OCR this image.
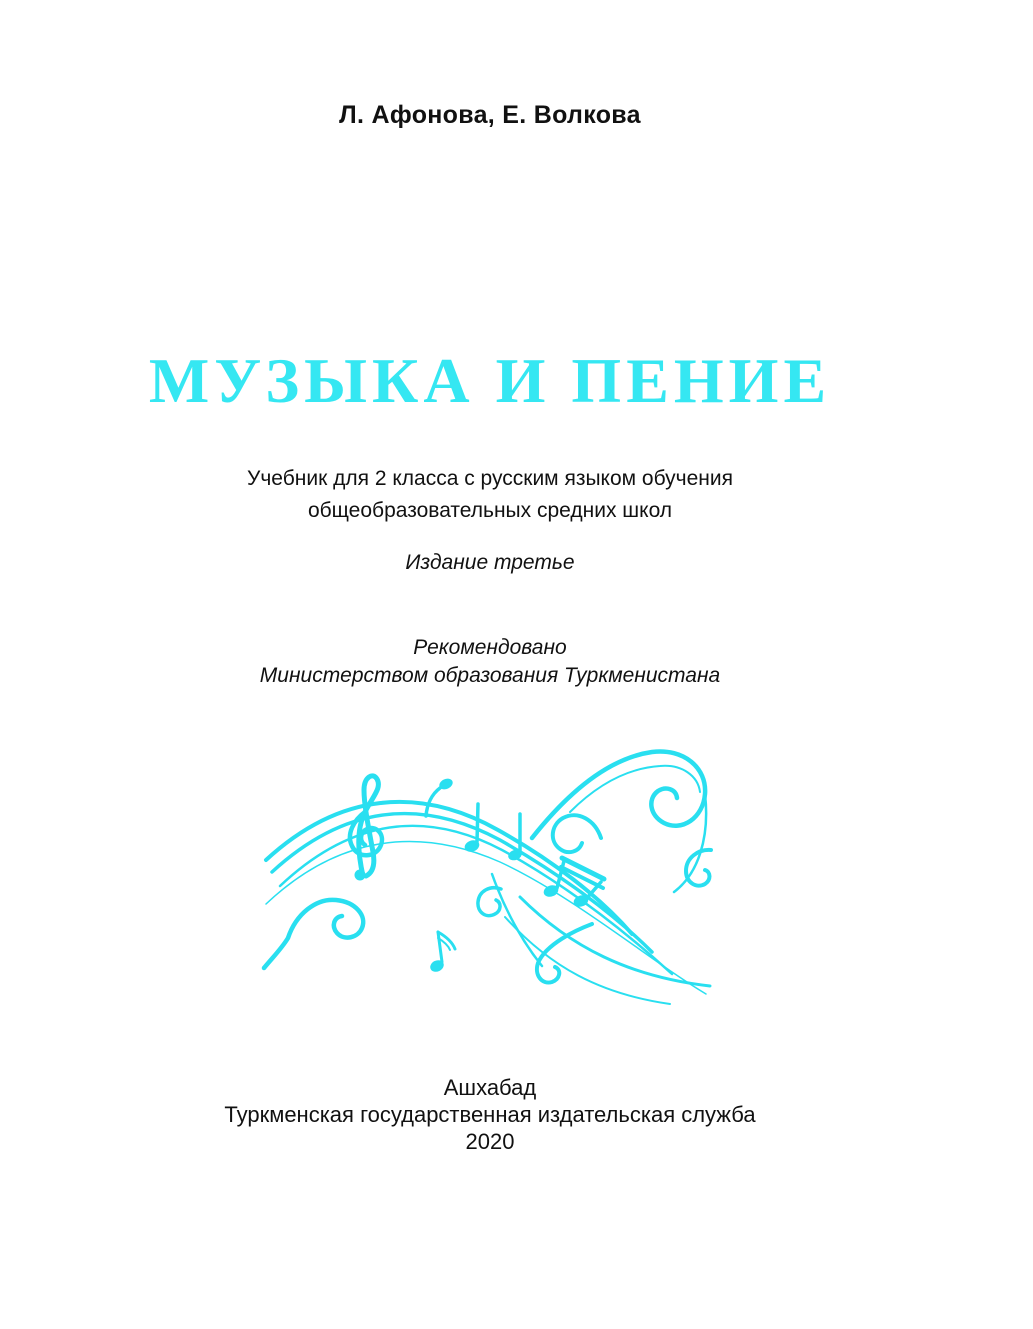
Л. Афонова, Е. Волкова
МУЗЫКА И ПЕНИЕ
Учебник для 2 класса с русским языком обучения
общеобразовательных средних школ
Издание третье
Рекомендовано
Министерством образования Туркменистана
Ашхабад
Туркменская государственная издательская служба
2020
